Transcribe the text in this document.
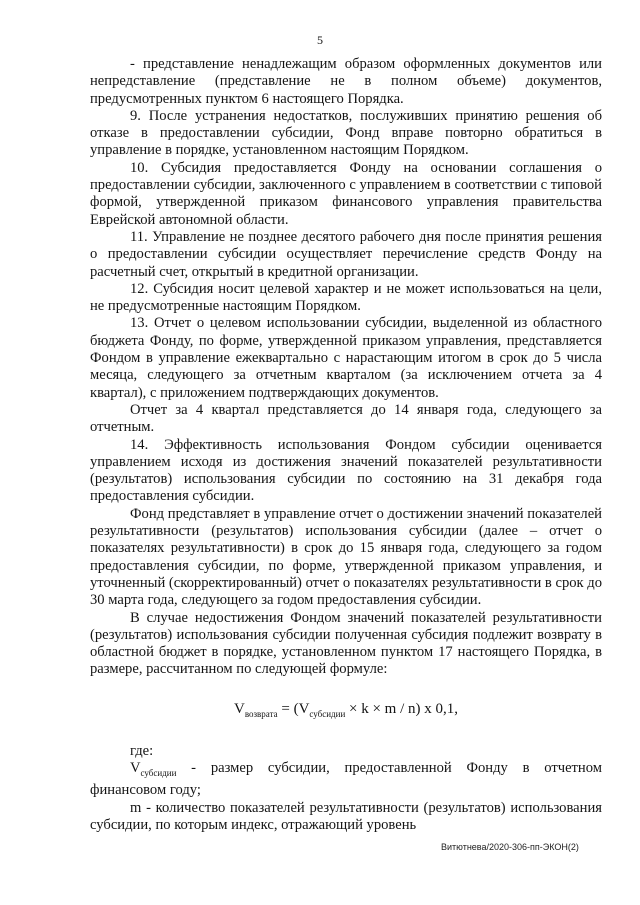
5

- представление ненадлежащим образом оформленных документов или непредставление (представление не в полном объеме) документов, предусмотренных пунктом 6 настоящего Порядка.

9. После устранения недостатков, послуживших принятию решения об отказе в предоставлении субсидии, Фонд вправе повторно обратиться в управление в порядке, установленном настоящим Порядком.

10. Субсидия предоставляется Фонду на основании соглашения о предоставлении субсидии, заключенного с управлением в соответствии с типовой формой, утвержденной приказом финансового управления правительства Еврейской автономной области.

11. Управление не позднее десятого рабочего дня после принятия решения о предоставлении субсидии осуществляет перечисление средств Фонду на расчетный счет, открытый в кредитной организации.

12. Субсидия носит целевой характер и не может использоваться на цели, не предусмотренные настоящим Порядком.

13. Отчет о целевом использовании субсидии, выделенной из областного бюджета Фонду, по форме, утвержденной приказом управления, представляется Фондом в управление ежеквартально с нарастающим итогом в срок до 5 числа месяца, следующего за отчетным кварталом (за исключением отчета за 4 квартал), с приложением подтверждающих документов.

Отчет за 4 квартал представляется до 14 января года, следующего за отчетным.

14. Эффективность использования Фондом субсидии оценивается управлением исходя из достижения значений показателей результативности (результатов) использования субсидии по состоянию на 31 декабря года предоставления субсидии.

Фонд представляет в управление отчет о достижении значений показателей результативности (результатов) использования субсидии (далее – отчет о показателях результативности) в срок до 15 января года, следующего за годом предоставления субсидии, по форме, утвержденной приказом управления, и уточненный (скорректированный) отчет о показателях результативности в срок до 30 марта года, следующего за годом предоставления субсидии.

В случае недостижения Фондом значений показателей результативности (результатов) использования субсидии полученная субсидия подлежит возврату в областной бюджет в порядке, установленном пунктом 17 настоящего Порядка, в размере, рассчитанном по следующей формуле:

$V_{возврата} = (V_{субсидии} \times k \times m / n)$ x 0,1,

где:

$V_{субсидии}$ - размер субсидии, предоставленной Фонду в отчетном финансовом году;

m - количество показателей результативности (результатов) использования субсидии, по которым индекс, отражающий уровень

Витютнева/2020-306-пп-ЭКОН(2)
